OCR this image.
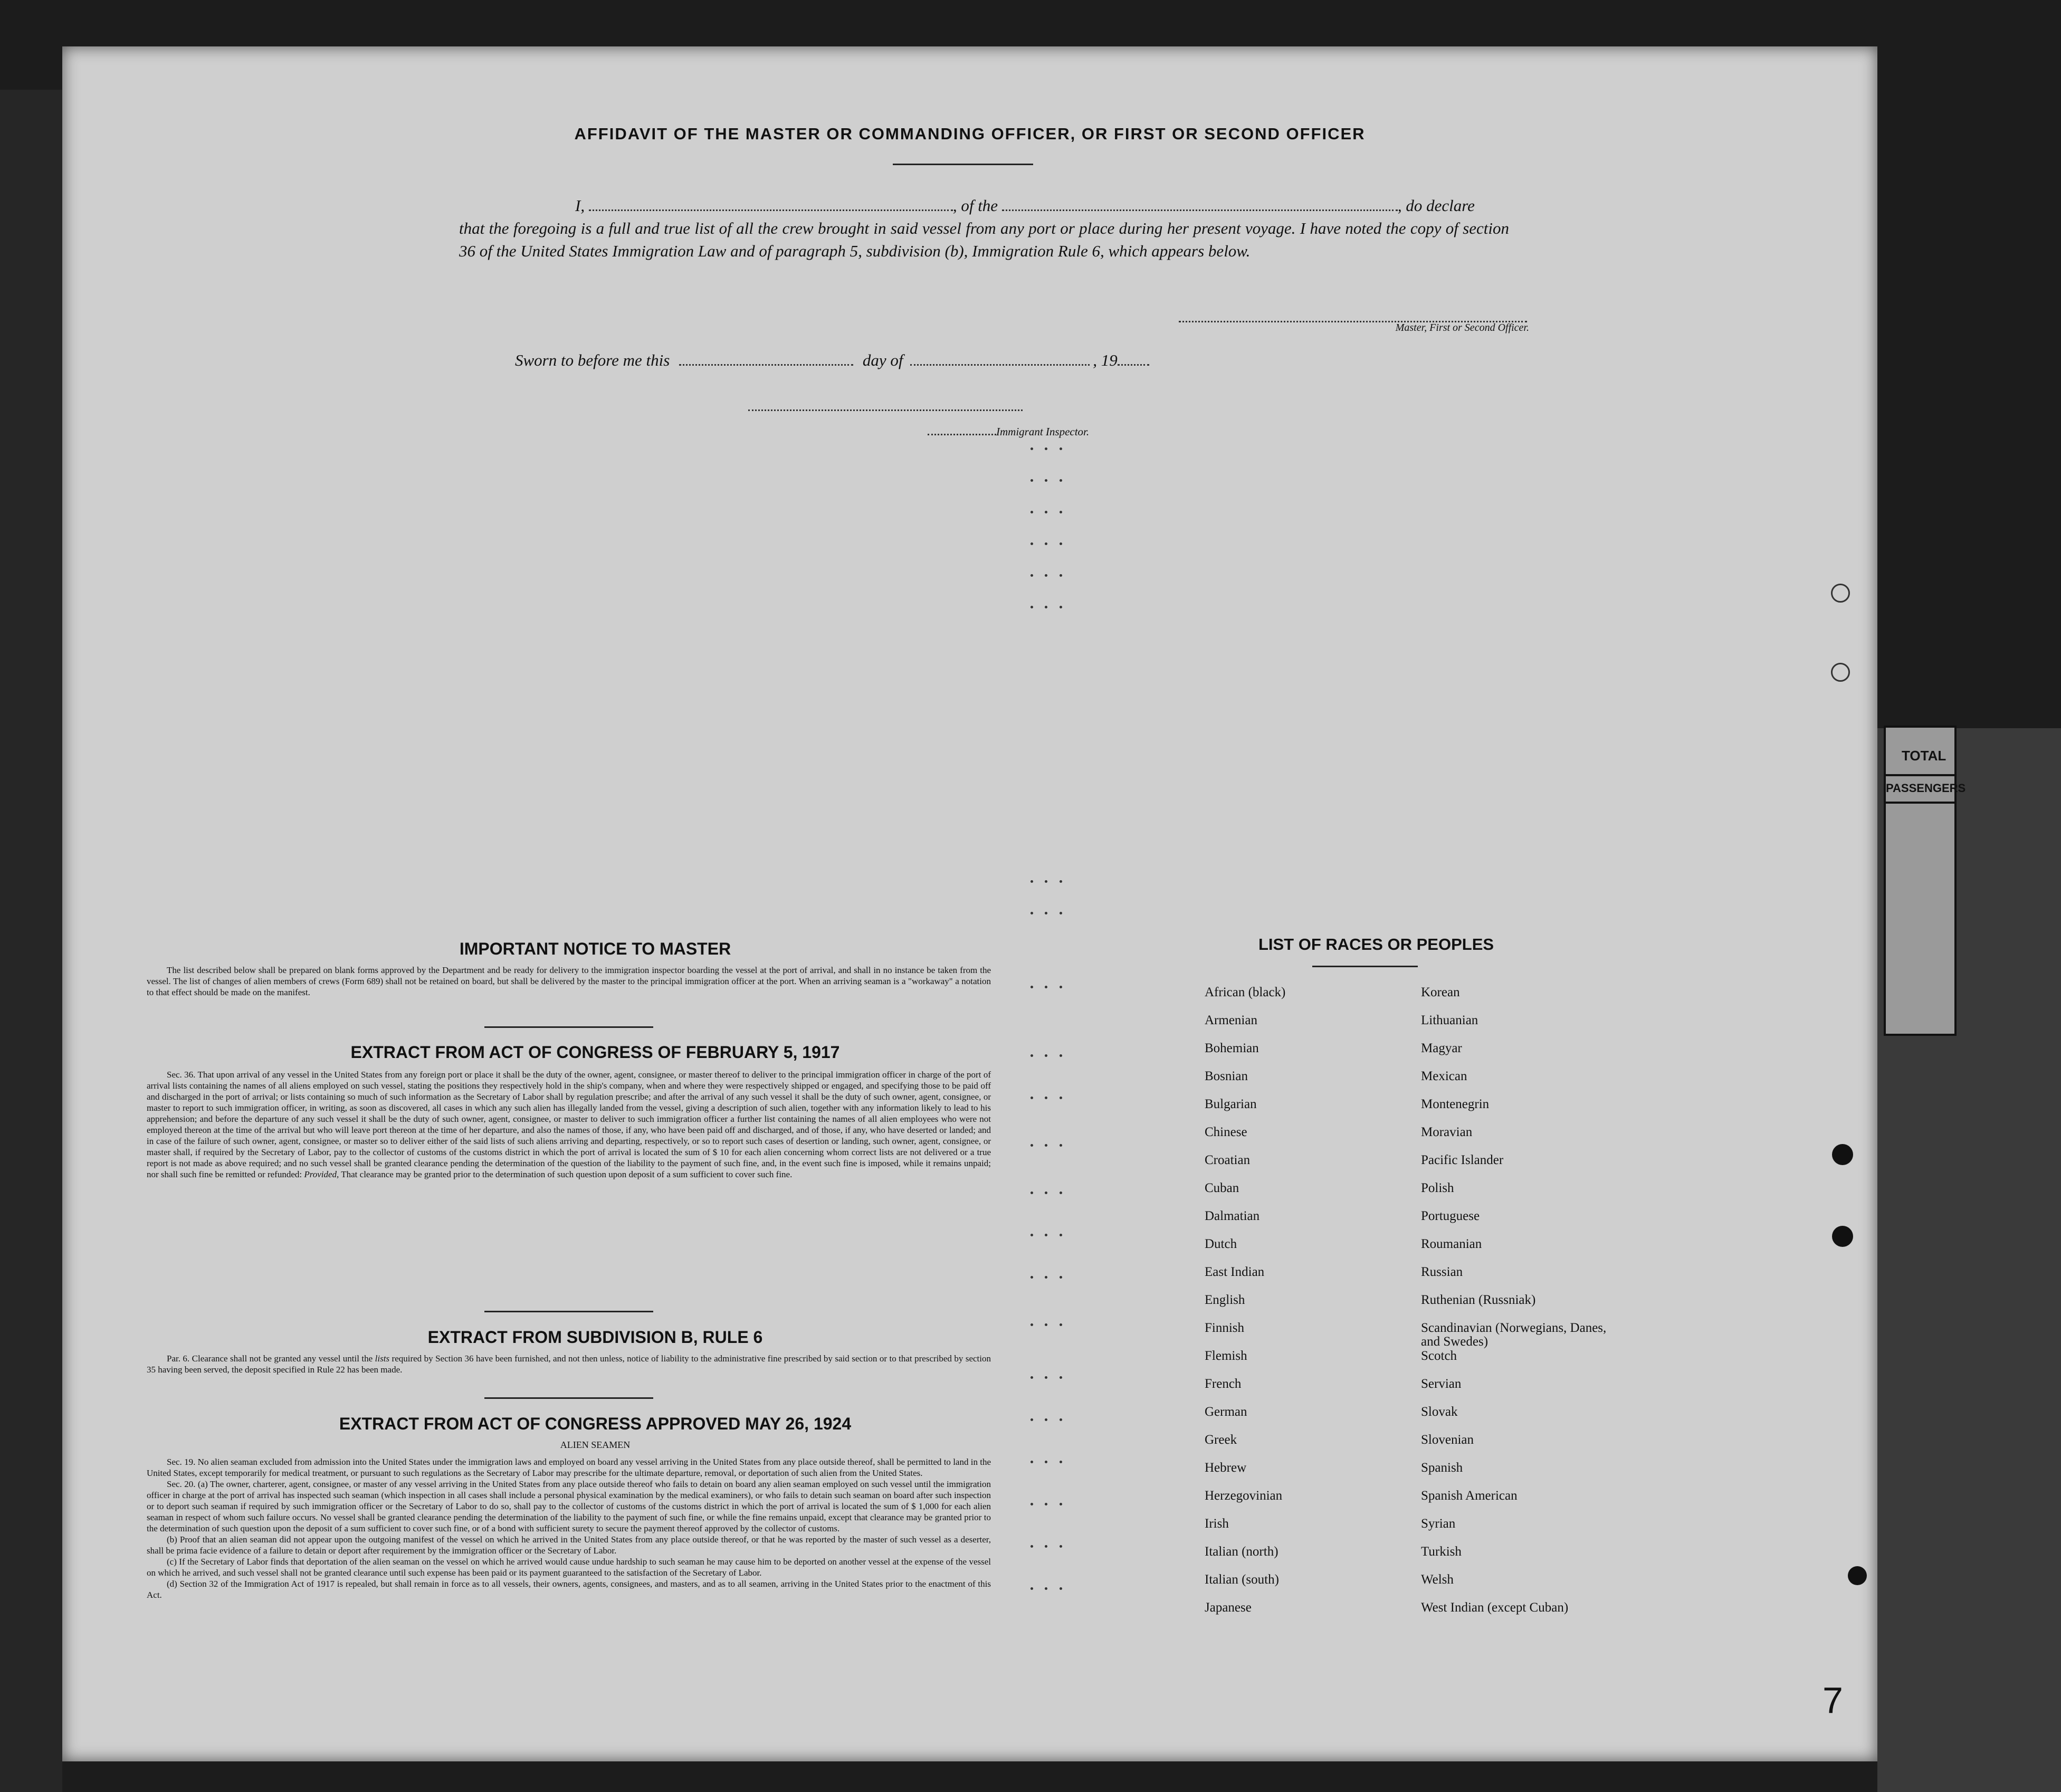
TOTAL
PASSENGERS
AFFIDAVIT OF THE MASTER OR COMMANDING OFFICER, OR FIRST OR SECOND OFFICER
I,	, of the	, do declare
that the foregoing is a full and true list of all the crew brought in said vessel from any port or place during her present voyage. I have noted the copy of section 36 of the United States Immigration Law and of paragraph 5, subdivision (b), Immigration Rule 6, which appears below.
Master, First or Second Officer.
Sworn to before me this	day of	, 19
Immigrant Inspector.
IMPORTANT NOTICE TO MASTER
The list described below shall be prepared on blank forms approved by the Department and be ready for delivery to the immigration inspector boarding the vessel at the port of arrival, and shall in no instance be taken from the vessel. The list of changes of alien members of crews (Form 689) shall not be retained on board, but shall be delivered by the master to the principal immigration officer at the port. When an arriving seaman is a "workaway" a notation to that effect should be made on the manifest.
EXTRACT FROM ACT OF CONGRESS OF FEBRUARY 5, 1917
Sec. 36. That upon arrival of any vessel in the United States from any foreign port or place it shall be the duty of the owner, agent, consignee, or master thereof to deliver to the principal immigration officer in charge of the port of arrival lists containing the names of all aliens employed on such vessel, stating the positions they respectively hold in the ship's company, when and where they were respectively shipped or engaged, and specifying those to be paid off and discharged in the port of arrival; or lists containing so much of such information as the Secretary of Labor shall by regulation prescribe; and after the arrival of any such vessel it shall be the duty of such owner, agent, consignee, or master to report to such immigration officer, in writing, as soon as discovered, all cases in which any such alien has illegally landed from the vessel, giving a description of such alien, together with any information likely to lead to his apprehension; and before the departure of any such vessel it shall be the duty of such owner, agent, consignee, or master to deliver to such immigration officer a further list containing the names of all alien employees who were not employed thereon at the time of the arrival but who will leave port thereon at the time of her departure, and also the names of those, if any, who have been paid off and discharged, and of those, if any, who have deserted or landed; and in case of the failure of such owner, agent, consignee, or master so to deliver either of the said lists of such aliens arriving and departing, respectively, or so to report such cases of desertion or landing, such owner, agent, consignee, or master shall, if required by the Secretary of Labor, pay to the collector of customs of the customs district in which the port of arrival is located the sum of $ 10 for each alien concerning whom correct lists are not delivered or a true report is not made as above required; and no such vessel shall be granted clearance pending the determination of the question of the liability to the payment of such fine, and, in the event such fine is imposed, while it remains unpaid; nor shall such fine be remitted or refunded: Provided, That clearance may be granted prior to the determination of such question upon deposit of a sum sufficient to cover such fine.
EXTRACT FROM SUBDIVISION B, RULE 6
Par. 6. Clearance shall not be granted any vessel until the lists required by Section 36 have been furnished, and not then unless, notice of liability to the administrative fine prescribed by said section or to that prescribed by section 35 having been served, the deposit specified in Rule 22 has been made.
EXTRACT FROM ACT OF CONGRESS APPROVED MAY 26, 1924
ALIEN SEAMEN
Sec. 19. No alien seaman excluded from admission into the United States under the immigration laws and employed on board any vessel arriving in the United States from any place outside thereof, shall be permitted to land in the United States, except temporarily for medical treatment, or pursuant to such regulations as the Secretary of Labor may prescribe for the ultimate departure, removal, or deportation of such alien from the United States.
Sec. 20. (a) The owner, charterer, agent, consignee, or master of any vessel arriving in the United States from any place outside thereof who fails to detain on board any alien seaman employed on such vessel until the immigration officer in charge at the port of arrival has inspected such seaman (which inspection in all cases shall include a personal physical examination by the medical examiners), or who fails to detain such seaman on board after such inspection or to deport such seaman if required by such immigration officer or the Secretary of Labor to do so, shall pay to the collector of customs of the customs district in which the port of arrival is located the sum of $ 1,000 for each alien seaman in respect of whom such failure occurs. No vessel shall be granted clearance pending the determination of the liability to the payment of such fine, or while the fine remains unpaid, except that clearance may be granted prior to the determination of such question upon the deposit of a sum sufficient to cover such fine, or of a bond with sufficient surety to secure the payment thereof approved by the collector of customs.
(b) Proof that an alien seaman did not appear upon the outgoing manifest of the vessel on which he arrived in the United States from any place outside thereof, or that he was reported by the master of such vessel as a deserter, shall be prima facie evidence of a failure to detain or deport after requirement by the immigration officer or the Secretary of Labor.
(c) If the Secretary of Labor finds that deportation of the alien seaman on the vessel on which he arrived would cause undue hardship to such seaman he may cause him to be deported on another vessel at the expense of the vessel on which he arrived, and such vessel shall not be granted clearance until such expense has been paid or its payment guaranteed to the satisfaction of the Secretary of Labor.
(d) Section 32 of the Immigration Act of 1917 is repealed, but shall remain in force as to all vessels, their owners, agents, consignees, and masters, and as to all seamen, arriving in the United States prior to the enactment of this Act.
LIST OF RACES OR PEOPLES
7
African (black)
Armenian
Bohemian
Bosnian
Bulgarian
Chinese
Croatian
Cuban
Dalmatian
Dutch
East Indian
English
Finnish
Flemish
French
German
Greek
Hebrew
Herzegovinian
Irish
Italian (north)
Italian (south)
Japanese
Korean
Lithuanian
Magyar
Mexican
Montenegrin
Moravian
Pacific Islander
Polish
Portuguese
Roumanian
Russian
Ruthenian (Russniak)
Scandinavian (Norwegians, Danes, and Swedes)
Scotch
Servian
Slovak
Slovenian
Spanish
Spanish American
Syrian
Turkish
Welsh
West Indian (except Cuban)
